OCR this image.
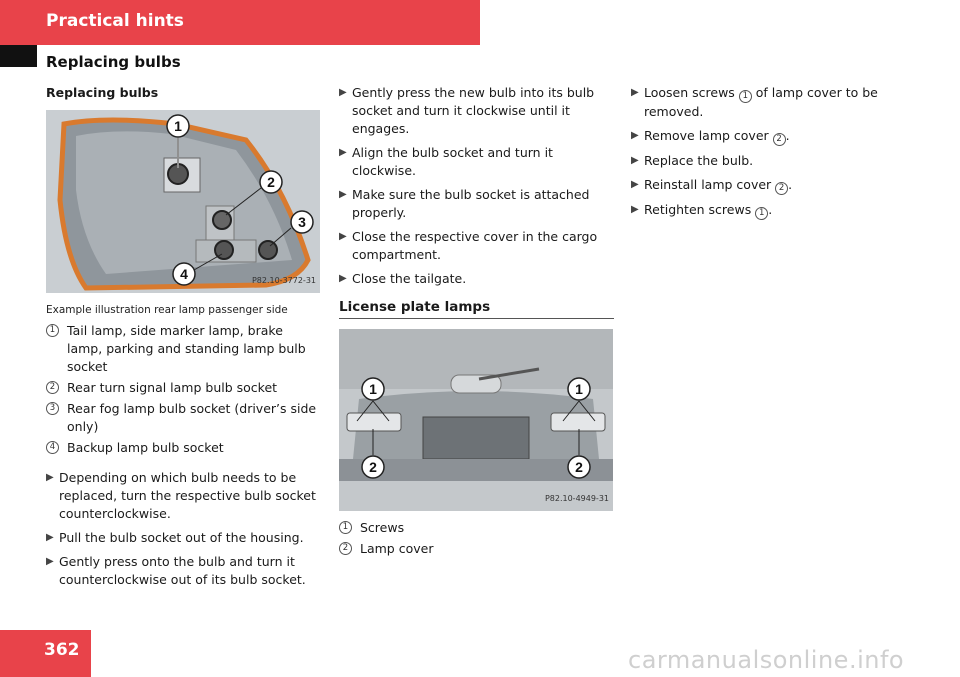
Practical hints
Replacing bulbs
Replacing bulbs
1
2
3
4	P82.10-3772-31
Example illustration rear lamp passenger side
1 Tail lamp, side marker lamp, brake lamp, parking and standing lamp bulb socket
2 Rear turn signal lamp bulb socket
3 Rear fog lamp bulb socket (driver’s side only)
4 Backup lamp bulb socket
▶ Depending on which bulb needs to be replaced, turn the respective bulb socket counterclockwise.
▶ Pull the bulb socket out of the housing.
▶ Gently press onto the bulb and turn it counterclockwise out of its bulb socket.
▶ Gently press the new bulb into its bulb socket and turn it clockwise until it engages.
▶ Align the bulb socket and turn it clockwise.
▶ Make sure the bulb socket is attached properly.
▶ Close the respective cover in the cargo compartment.
▶ Close the tailgate.
License plate lamps
1	1
2	2
P82.10-4949-31
1 Screws
2 Lamp cover
▶ Loosen screws 1 of lamp cover to be removed.
▶ Remove lamp cover 2 .
▶ Replace the bulb.
▶ Reinstall lamp cover 2 .
▶ Retighten screws 1 .
362	carmanualsonline.info
